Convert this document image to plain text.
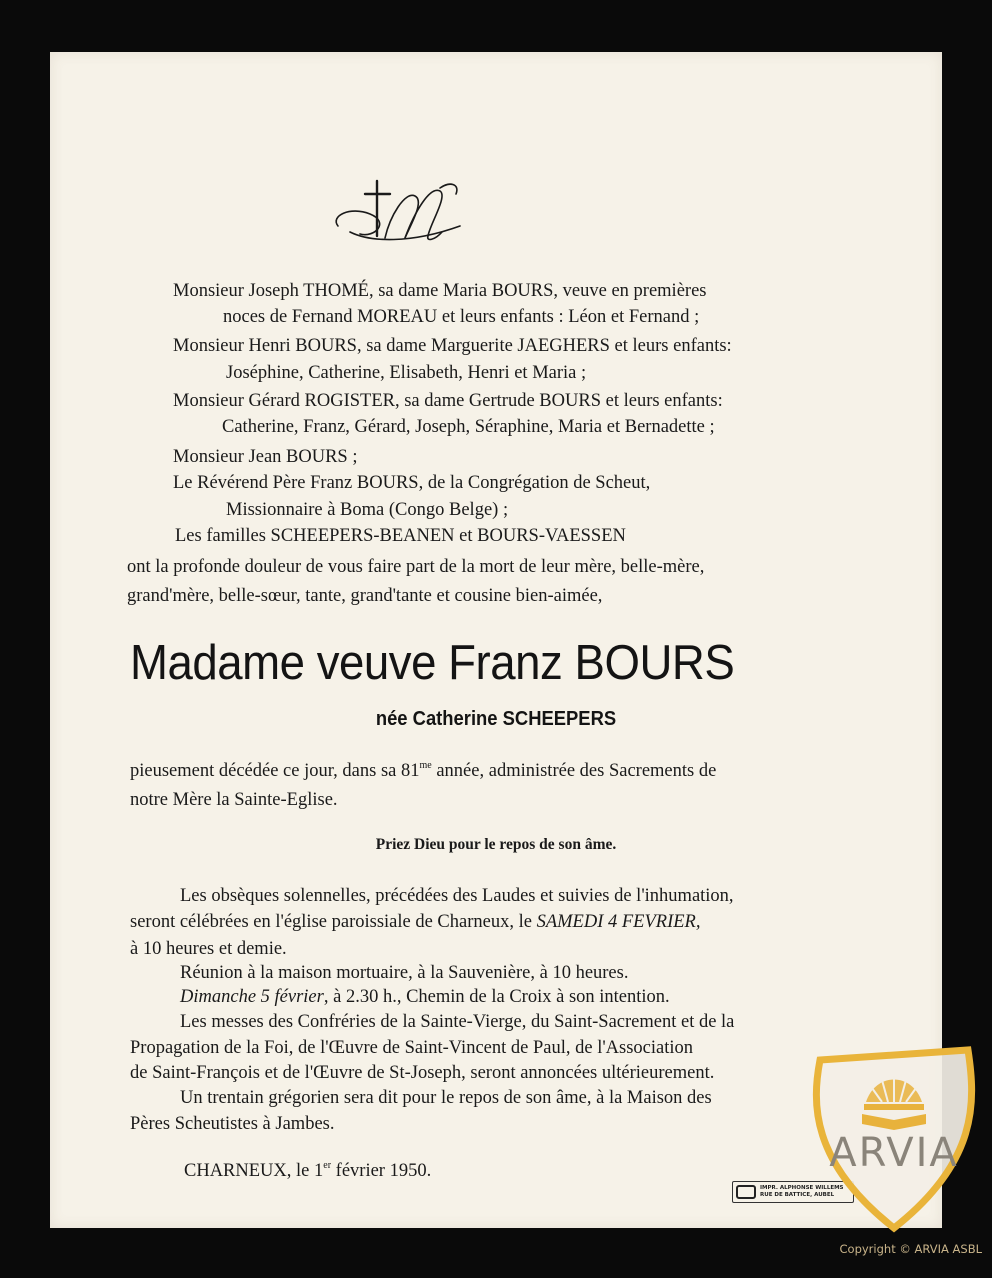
Monsieur Joseph THOMÉ, sa dame Maria BOURS, veuve en premières
noces de Fernand MOREAU et leurs enfants : Léon et Fernand ;
Monsieur Henri BOURS, sa dame Marguerite JAEGHERS et leurs enfants:
Joséphine, Catherine, Elisabeth, Henri et Maria ;
Monsieur Gérard ROGISTER, sa dame Gertrude BOURS et leurs enfants:
Catherine, Franz, Gérard, Joseph, Séraphine, Maria et Bernadette ;
Monsieur Jean BOURS ;
Le Révérend Père Franz BOURS, de la Congrégation de Scheut,
Missionnaire à Boma (Congo Belge) ;
Les familles SCHEEPERS-BEANEN et BOURS-VAESSEN
ont la profonde douleur de vous faire part de la mort de leur mère, belle-mère,
grand'mère, belle-sœur, tante, grand'tante et cousine bien-aimée,
Madame veuve Franz BOURS
née Catherine SCHEEPERS
pieusement décédée ce jour, dans sa $81^{me}$ année, administrée des Sacrements de
notre Mère la Sainte-Eglise.
Priez Dieu pour le repos de son âme.
Les obsèques solennelles, précédées des Laudes et suivies de l'inhumation,
seront célébrées en l'église paroissiale de Charneux, le SAMEDI 4 FEVRIER,
à 10 heures et demie.
Réunion à la maison mortuaire, à la Sauvenière, à 10 heures.
Dimanche 5 février, à 2.30 h., Chemin de la Croix à son intention.
Les messes des Confréries de la Sainte-Vierge, du Saint-Sacrement et de la
Propagation de la Foi, de l'Œuvre de Saint-Vincent de Paul, de l'Association
de Saint-François et de l'Œuvre de St-Joseph, seront annoncées ultérieurement.
Un trentain grégorien sera dit pour le repos de son âme, à la Maison des
Pères Scheutistes à Jambes.
CHARNEUX, le 1er février 1950.
IMPR. ALPHONSE WILLEMS
RUE DE BATTICE, AUBEL
ARVIA
Copyright © ARVIA ASBL
